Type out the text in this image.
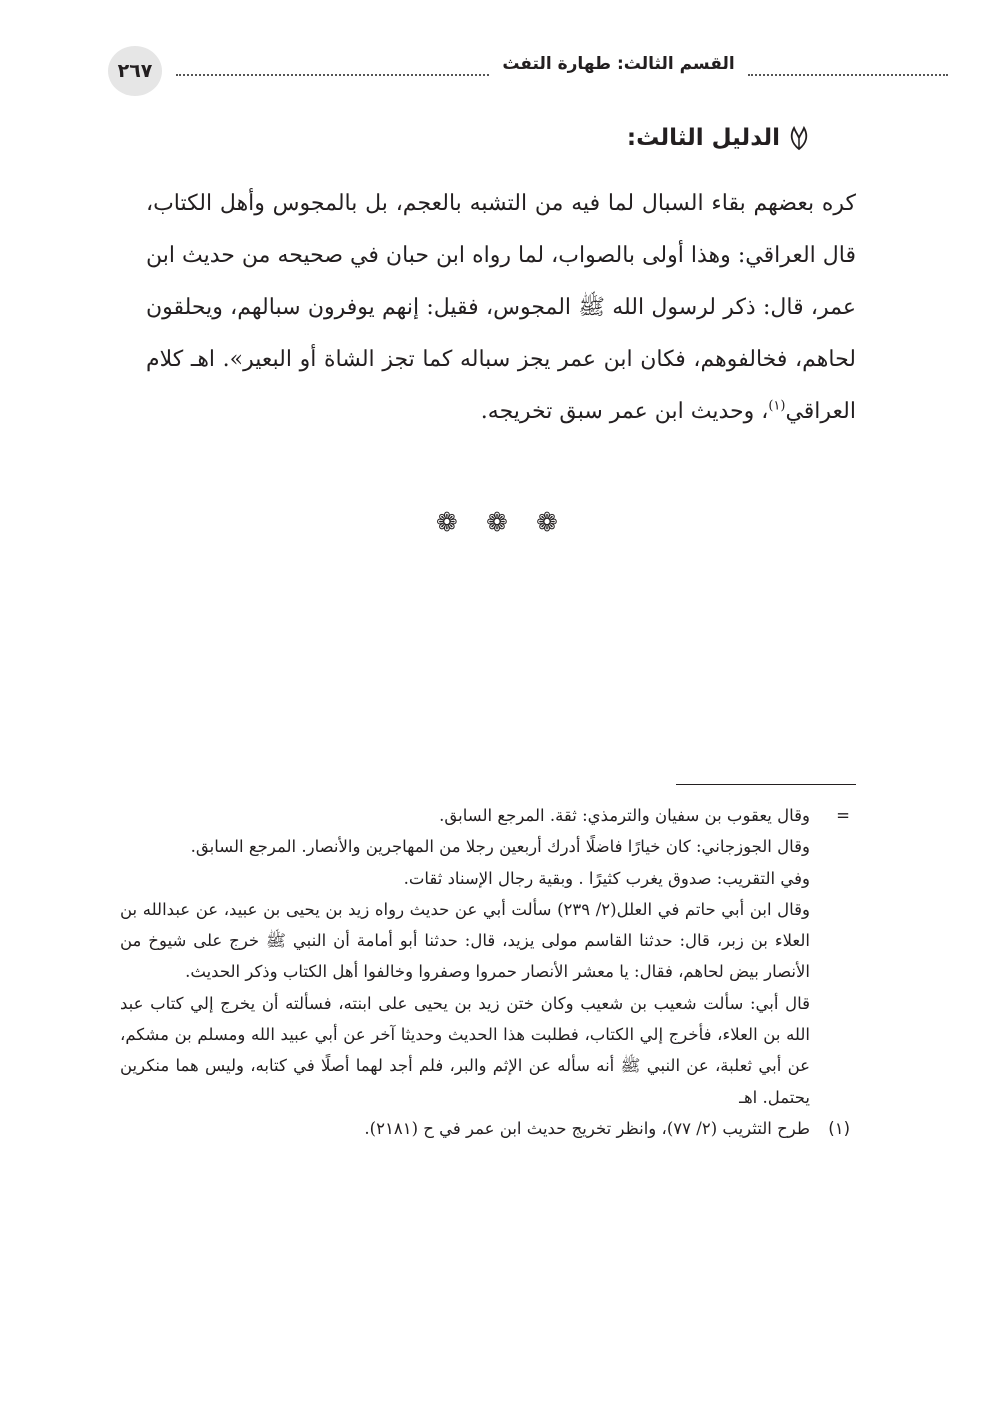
٢٦٧	القسم الثالث: طهارة التفث
الدليل الثالث:

كره بعضهم بقاء السبال لما فيه من التشبه بالعجم، بل بالمجوس وأهل الكتاب، قال العراقي: وهذا أولى بالصواب، لما رواه ابن حبان في صحيحه من حديث ابن عمر، قال: ذكر لرسول الله ﷺ المجوس، فقيل: إنهم يوفرون سبالهم، ويحلقون لحاهم، فخالفوهم، فكان ابن عمر يجز سباله كما تجز الشاة أو البعير». اهـ كلام العراقي$^{(١)}$، وحديث ابن عمر سبق تخريجه.

❁ ❁ ❁
=

وقال يعقوب بن سفيان والترمذي: ثقة. المرجع السابق.

وقال الجوزجاني: كان خيارًا فاضلًا أدرك أربعين رجلا من المهاجرين والأنصار. المرجع السابق.

وفي التقريب: صدوق يغرب كثيرًا . وبقية رجال الإسناد ثقات.

وقال ابن أبي حاتم في العلل(٢/ ٢٣٩) سألت أبي عن حديث رواه زيد بن يحيى بن عبيد، عن عبدالله بن العلاء بن زبر، قال: حدثنا القاسم مولى يزيد، قال: حدثنا أبو أمامة أن النبي ﷺ خرج على شيوخ من الأنصار بيض لحاهم، فقال: يا معشر الأنصار حمروا وصفروا وخالفوا أهل الكتاب وذكر الحديث.

قال أبي: سألت شعيب بن شعيب وكان ختن زيد بن يحيى على ابنته، فسألته أن يخرج إلي كتاب عبد الله بن العلاء، فأخرج إلي الكتاب، فطلبت هذا الحديث وحديثا آخر عن أبي عبيد الله ومسلم بن مشكم، عن أبي ثعلبة، عن النبي ﷺ أنه سأله عن الإثم والبر، فلم أجد لهما أصلًا في كتابه، وليس هما منكرين يحتمل. اهـ

(١)

طرح التثريب (٢/ ٧٧)، وانظر تخريج حديث ابن عمر في ح (٢١٨١).
